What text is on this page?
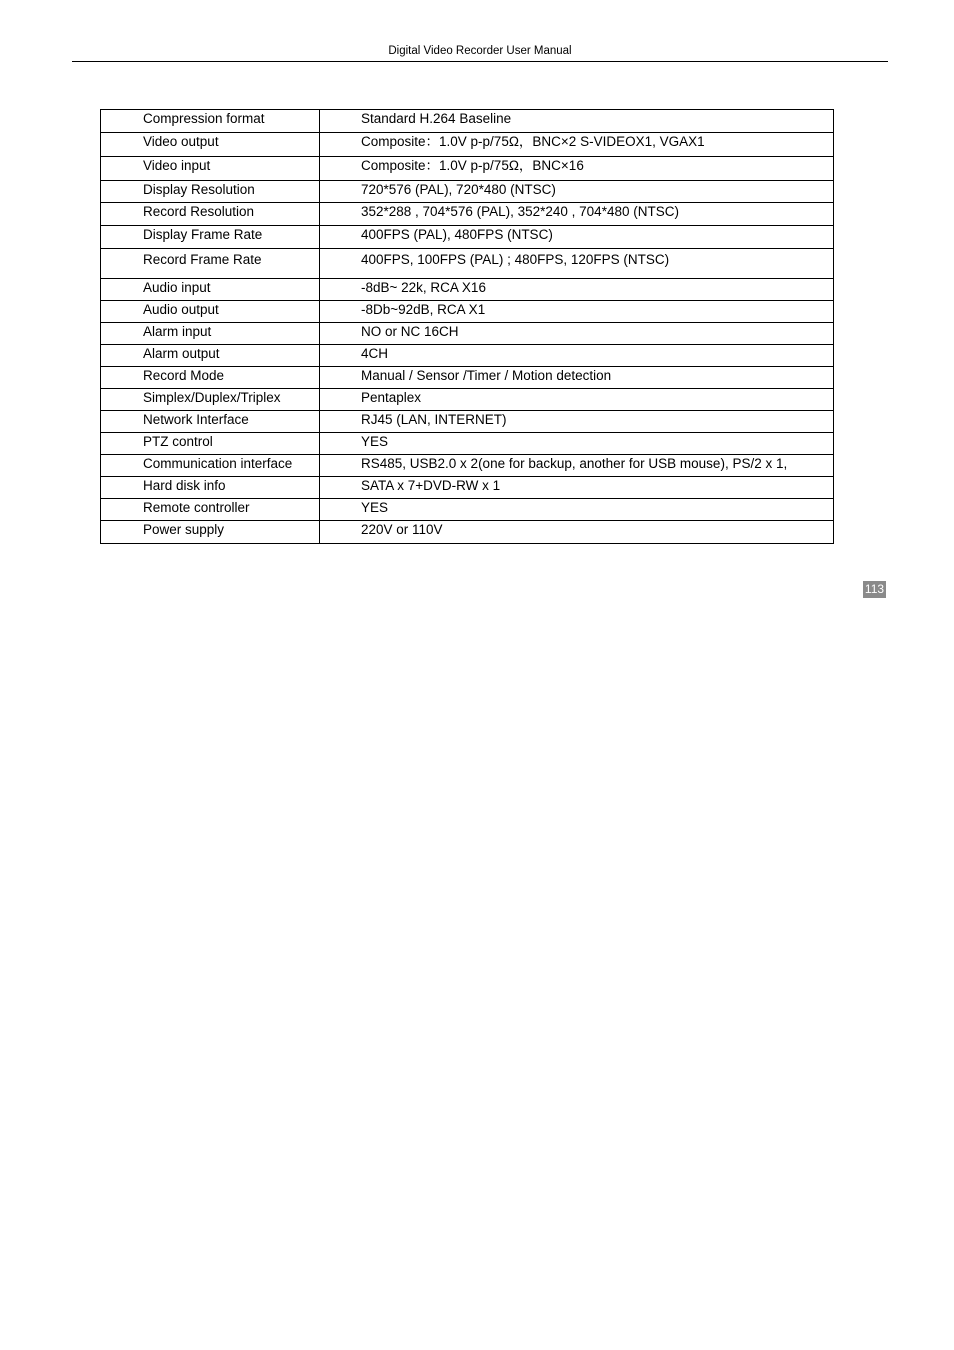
Digital Video Recorder User Manual
Compression format	Standard H.264 Baseline

Video output	Composite：1.0V p-p/75Ω，BNC×2 S-VIDEOX1, VGAX1

Video input	Composite：1.0V p-p/75Ω，BNC×16

Display Resolution	720*576 (PAL), 720*480 (NTSC)

Record Resolution	352*288 , 704*576 (PAL), 352*240 , 704*480 (NTSC)

Display Frame Rate	400FPS (PAL), 480FPS (NTSC)

Record Frame Rate	400FPS, 100FPS (PAL) ; 480FPS, 120FPS (NTSC)

Audio input	-8dB~ 22k, RCA X16

Audio output	-8Db~92dB, RCA X1

Alarm input	NO or NC 16CH

Alarm output	4CH

Record Mode	Manual / Sensor /Timer / Motion detection

Simplex/Duplex/Triplex	Pentaplex

Network Interface	RJ45 (LAN, INTERNET)

PTZ control	YES

Communication interface	RS485, USB2.0 x 2(one for backup, another for USB mouse), PS/2 x 1,

Hard disk info	SATA x 7+DVD-RW x 1

Remote controller	YES

Power supply	220V or 110V
113
